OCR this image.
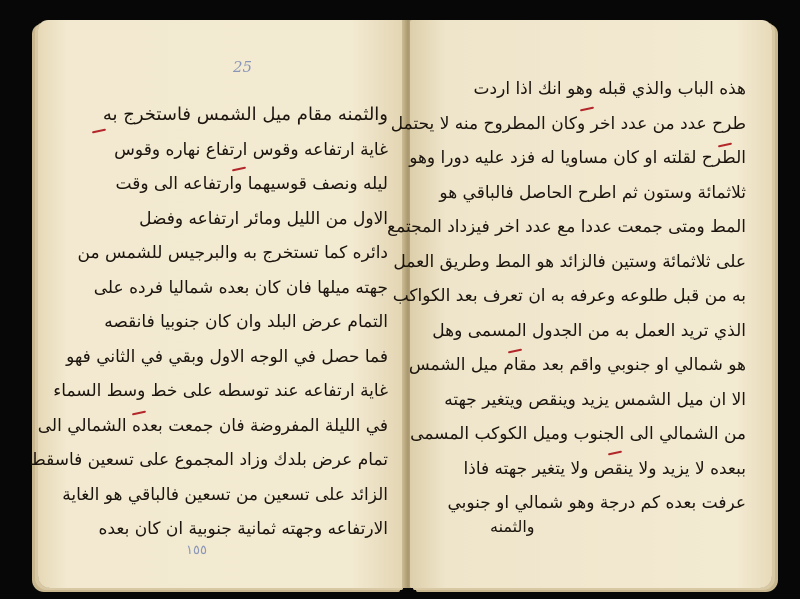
25
والثمنه مقام ميل الشمس فاستخرج به
غاية ارتفاعه وقوس ارتفاع نهاره وقوس
ليله ونصف قوسيهما وارتفاعه الى وقت
الاول من الليل ومائر ارتفاعه وفضل
دائره كما تستخرج به والبرجيس للشمس من
جهته ميلها فان كان بعده شماليا فرده على
التمام عرض البلد وان كان جنوبيا فانقصه
فما حصل في الوجه الاول وبقي في الثاني فهو
غاية ارتفاعه عند توسطه على خط وسط السماء
في الليلة المفروضة فان جمعت بعده الشمالي الى
تمام عرض بلدك وزاد المجموع على تسعين فاسقط
الزائد على تسعين من تسعين فالباقي هو الغاية
الارتفاعه وجهته ثمانية جنوبية ان كان بعده
١٥٥
هذه الباب والذي قبله وهو انك اذا اردت
طرح عدد من عدد اخر وكان المطروح منه لا يحتمل
الطرح لقلته او كان مساويا له فزد عليه دورا وهو
ثلاثمائة وستون ثم اطرح الحاصل فالباقي هو
المط ومتى جمعت عددا مع عدد اخر فيزداد المجتمع
على ثلاثمائة وستين فالزائد هو المط وطريق العمل
به من قبل طلوعه وعرفه به ان تعرف بعد الكواكب
الذي تريد العمل به من الجدول المسمى وهل
هو شمالي او جنوبي واقم بعد مقام ميل الشمس
الا ان ميل الشمس يزيد وينقص ويتغير جهته
من الشمالي الى الجنوب وميل الكوكب المسمى
ببعده لا يزيد ولا ينقص ولا يتغير جهته فاذا
عرفت بعده كم درجة وهو شمالي او جنوبي
والثمنه
